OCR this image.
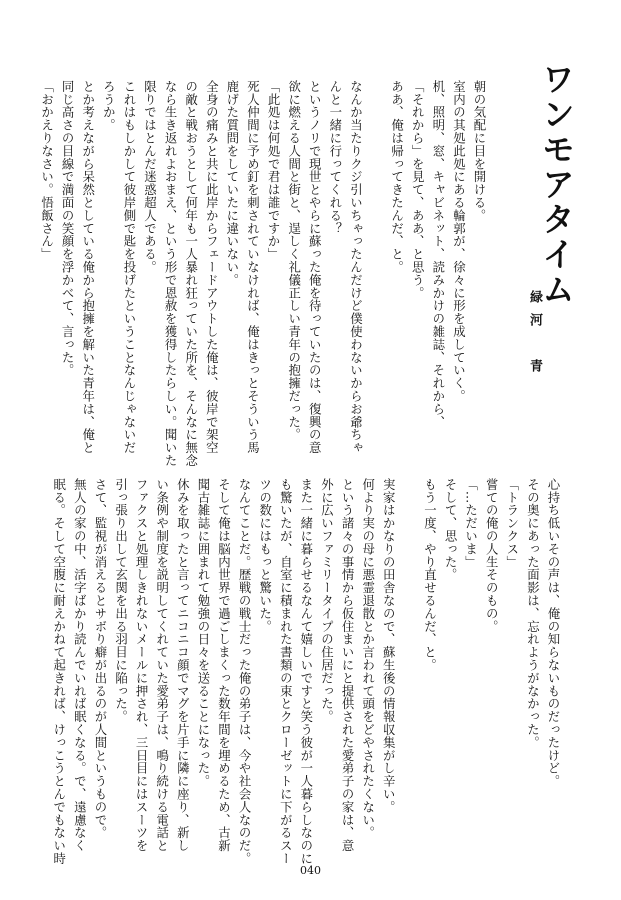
ワンモアタイム
緑河　青

朝の気配に目を開ける。

室内の其処此処にある輪郭が、徐々に形を成していく。

机、照明、窓、キャビネット、読みかけの雑誌、それから、

「それから」を見て、ああ、と思う。

ああ、俺は帰ってきたんだ、と。

なんか当たりクジ引いちゃったんだけど僕使わないからお爺ちゃ

んと一緒に行ってくれる？

というノリで現世とやらに蘇った俺を待っていたのは、復興の意

欲に燃える人間と街と、逞しく礼儀正しい青年の抱擁だった。

「此処は何処で君は誰ですか」

死人仲間に予め釘を刺されていなければ、俺はきっとそういう馬

鹿げた質問をしていたに違いない。

全身の痛みと共に此岸からフェードアウトした俺は、彼岸で架空

の敵と戦おうとして何年も一人暴れ狂っていた所を、そんなに無念

なら生き返れよおまえ、という形で恩赦を獲得したらしい。聞いた

限りではとんだ迷惑超人である。

これはもしかして彼岸側で匙を投げたということなんじゃないだ

ろうか。

とか考えながら呆然としている俺から抱擁を解いた青年は、俺と

同じ高さの目線で満面の笑顔を浮かべて、言った。

「おかえりなさい。悟飯さん」

心持ち低いその声は、俺の知らないものだったけど。

その奥にあった面影は、忘れようがなかった。

「トランクス」

嘗ての俺の人生そのもの。

「…ただいま」

そして、思った。

もう一度、やり直せるんだ、と。

実家はかなりの田舎なので、蘇生後の情報収集がし辛い。

何より実の母に悪霊退散とか言われて頭をどやされたくない。

という諸々の事情から仮住まいにと提供された愛弟子の家は、意

外に広いファミリータイプの住居だった。

また一緒に暮らせるなんて嬉しいですと笑う彼が一人暮らしなのに

も驚いたが、自室に積まれた書類の束とクローゼットに下がるスー

ツの数にはもっと驚いた。

なんてことだ。歴戦の戦士だった俺の弟子は、今や社会人なのだ。

そして俺は脳内世界で過ごしまくった数年間を埋めるため、古新

聞古雑誌に囲まれて勉強の日々を送ることになった。

休みを取ったと言ってニコニコ顔でマグを片手に隣に座り、新し

い条例や制度を説明してくれていた愛弟子は、鳴り続ける電話と

ファクスと処理しきれないメールに押され、三日目にはスーツを

引っ張り出して玄関を出る羽目に陥った。

さて、監視が消えるとサボり癖が出るのが人間というもので。

無人の家の中、活字ばかり読んでいれば眠くなる。で、遠慮なく

眠る。そして空腹に耐えかねて起きれば、けっこうとんでもない時

040
